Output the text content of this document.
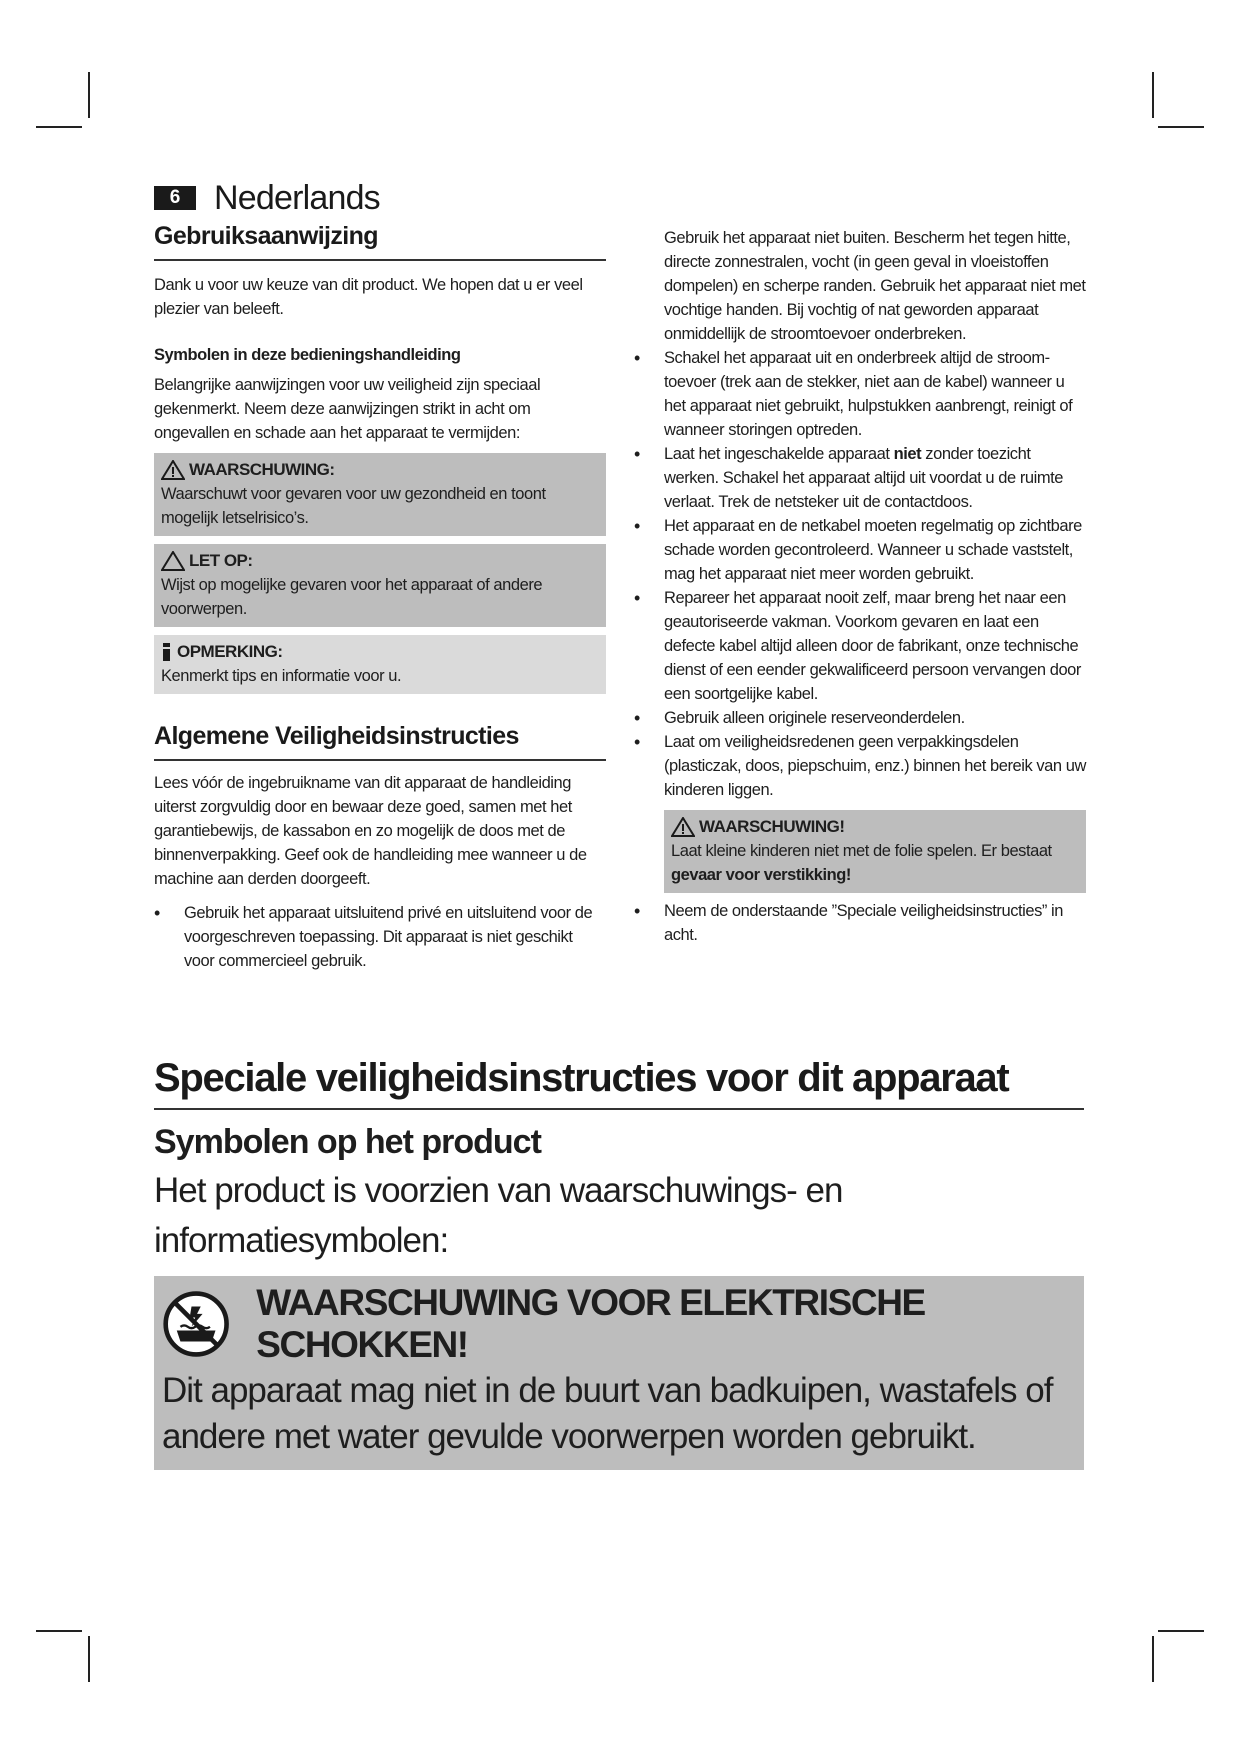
6 Nederlands
Gebruiksaanwijzing

Dank u voor uw keuze van dit product. We hopen dat u er veel plezier van beleeft.

Symbolen in deze bedieningshandleiding

Belangrijke aanwijzingen voor uw veiligheid zijn speciaal gekenmerkt. Neem deze aanwijzingen strikt in acht om ongevallen en schade aan het apparaat te vermijden:

WAARSCHUWING:
Waarschuwt voor gevaren voor uw gezondheid en toont mogelijk letselrisico’s.
LET OP:
Wijst op mogelijke gevaren voor het apparaat of andere voorwerpen.
OPMERKING:
Kenmerkt tips en informatie voor u.
Algemene Veiligheidsinstructies

Lees vóór de ingebruikname van dit apparaat de handleiding uiterst zorgvuldig door en bewaar deze goed, samen met het garantiebewijs, de kassabon en zo mogelijk de doos met de binnenverpakking. Geef ook de handleiding mee wanneer u de machine aan derden doorgeeft.

• Gebruik het apparaat uitsluitend privé en uitsluitend voor de voorgeschreven toepassing. Dit apparaat is niet geschikt voor commercieel gebruik.

Gebruik het apparaat niet buiten. Bescherm het tegen hitte, directe zonnestralen, vocht (in geen geval in vloeistoffen dompelen) en scherpe randen. Gebruik het apparaat niet met vochtige handen. Bij vochtig of nat geworden apparaat onmiddellijk de stroomtoevoer onderbreken.

• Schakel het apparaat uit en onderbreek altijd de stroom-toevoer (trek aan de stekker, niet aan de kabel) wanneer u het apparaat niet gebruikt, hulpstukken aanbrengt, reinigt of wanneer storingen optreden.
• Laat het ingeschakelde apparaat niet zonder toezicht werken. Schakel het apparaat altijd uit voordat u de ruimte verlaat. Trek de netsteker uit de contactdoos.
• Het apparaat en de netkabel moeten regelmatig op zichtbare schade worden gecontroleerd. Wanneer u schade vaststelt, mag het apparaat niet meer worden gebruikt.
• Repareer het apparaat nooit zelf, maar breng het naar een geautoriseerde vakman. Voorkom gevaren en laat een defecte kabel altijd alleen door de fabrikant, onze technische dienst of een eender gekwalificeerd persoon vervangen door een soortgelijke kabel.
• Gebruik alleen originele reserveonderdelen.
• Laat om veiligheidsredenen geen verpakkingsdelen (plasticzak, doos, piepschuim, enz.) binnen het bereik van uw kinderen liggen.
WAARSCHUWING!
Laat kleine kinderen niet met de folie spelen. Er bestaat
gevaar voor verstikking!
• Neem de onderstaande ”Speciale veiligheidsinstructies” in acht.
Speciale veiligheidsinstructies voor dit apparaat
Symbolen op het product

Het product is voorzien van waarschuwings- en informatiesymbolen:

WAARSCHUWING VOOR ELEKTRISCHE SCHOKKEN!
Dit apparaat mag niet in de buurt van badkuipen, wastafels of andere met water gevulde voorwerpen worden gebruikt.
